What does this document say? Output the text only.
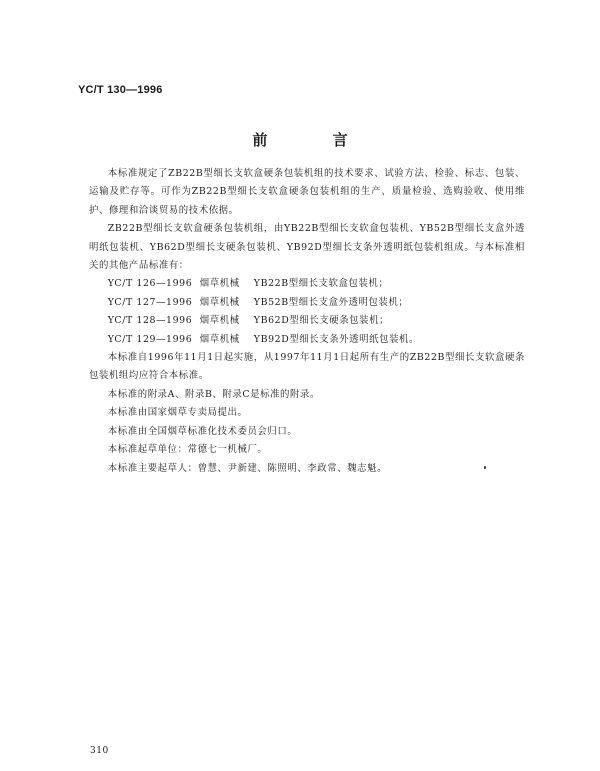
YC/T 130—1996
前 言

本标准规定了ZB22B型细长支软盒硬条包装机组的技术要求、试验方法、检验、标志、包装、运输及贮存等。可作为ZB22B型细长支软盒硬条包装机组的生产、质量检验、选购验收、使用维护、修理和洽谈贸易的技术依据。

ZB22B型细长支软盒硬条包装机组，由YB22B型细长支软盒包装机、YB52B型细长支盒外透明纸包装机、YB62D型细长支硬条包装机、YB92D型细长支条外透明纸包装机组成。与本标准相关的其他产品标准有：

YC/T 126—1996 烟草机械	YB22B型细长支软盒包装机；
YC/T 127—1996 烟草机械	YB52B型细长支盒外透明包装机；
YC/T 128—1996 烟草机械	YB62D型细长支硬条包装机；
YC/T 129—1996 烟草机械	YB92D型细长支条外透明纸包装机。

本标准自1996年11月1日起实施，从1997年11月1日起所有生产的ZB22B型细长支软盒硬条包装机组均应符合本标准。

本标准的附录A、附录B、附录C是标准的附录。

本标准由国家烟草专卖局提出。

本标准由全国烟草标准化技术委员会归口。

本标准起草单位：常德七一机械厂。

本标准主要起草人：曾慧、尹新建、陈照明、李政常、魏志魁。

310
